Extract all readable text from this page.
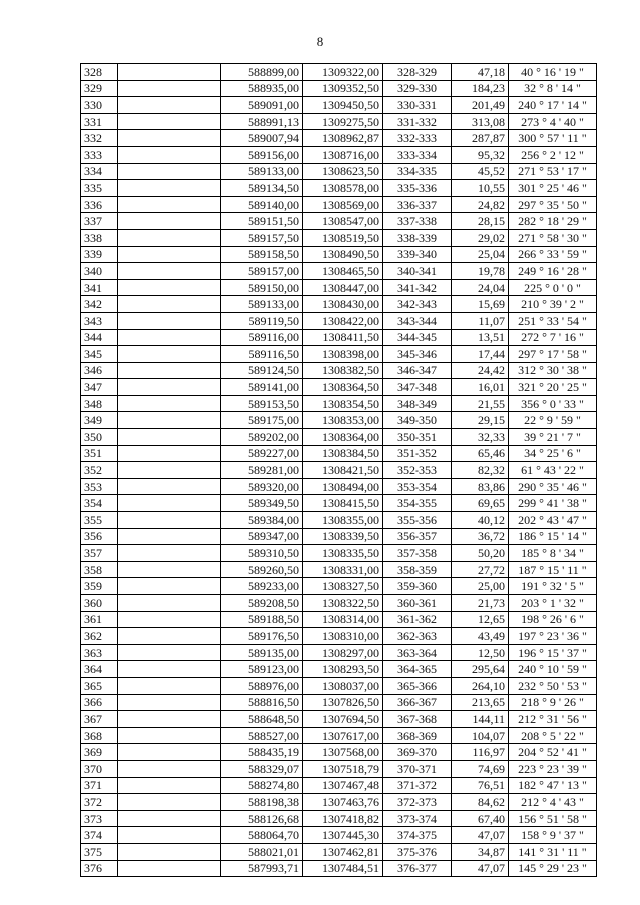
8
328		588899,00	1309322,00	328-329	47,18	40 ° 16 ' 19 "
329		588935,00	1309352,50	329-330	184,23	32 ° 8 ' 14 "
330		589091,00	1309450,50	330-331	201,49	240 ° 17 ' 14 "
331		588991,13	1309275,50	331-332	313,08	273 ° 4 ' 40 "
332		589007,94	1308962,87	332-333	287,87	300 ° 57 ' 11 "
333		589156,00	1308716,00	333-334	95,32	256 ° 2 ' 12 "
334		589133,00	1308623,50	334-335	45,52	271 ° 53 ' 17 "
335		589134,50	1308578,00	335-336	10,55	301 ° 25 ' 46 "
336		589140,00	1308569,00	336-337	24,82	297 ° 35 ' 50 "
337		589151,50	1308547,00	337-338	28,15	282 ° 18 ' 29 "
338		589157,50	1308519,50	338-339	29,02	271 ° 58 ' 30 "
339		589158,50	1308490,50	339-340	25,04	266 ° 33 ' 59 "
340		589157,00	1308465,50	340-341	19,78	249 ° 16 ' 28 "
341		589150,00	1308447,00	341-342	24,04	225 ° 0 ' 0 "
342		589133,00	1308430,00	342-343	15,69	210 ° 39 ' 2 "
343		589119,50	1308422,00	343-344	11,07	251 ° 33 ' 54 "
344		589116,00	1308411,50	344-345	13,51	272 ° 7 ' 16 "
345		589116,50	1308398,00	345-346	17,44	297 ° 17 ' 58 "
346		589124,50	1308382,50	346-347	24,42	312 ° 30 ' 38 "
347		589141,00	1308364,50	347-348	16,01	321 ° 20 ' 25 "
348		589153,50	1308354,50	348-349	21,55	356 ° 0 ' 33 "
349		589175,00	1308353,00	349-350	29,15	22 ° 9 ' 59 "
350		589202,00	1308364,00	350-351	32,33	39 ° 21 ' 7 "
351		589227,00	1308384,50	351-352	65,46	34 ° 25 ' 6 "
352		589281,00	1308421,50	352-353	82,32	61 ° 43 ' 22 "
353		589320,00	1308494,00	353-354	83,86	290 ° 35 ' 46 "
354		589349,50	1308415,50	354-355	69,65	299 ° 41 ' 38 "
355		589384,00	1308355,00	355-356	40,12	202 ° 43 ' 47 "
356		589347,00	1308339,50	356-357	36,72	186 ° 15 ' 14 "
357		589310,50	1308335,50	357-358	50,20	185 ° 8 ' 34 "
358		589260,50	1308331,00	358-359	27,72	187 ° 15 ' 11 "
359		589233,00	1308327,50	359-360	25,00	191 ° 32 ' 5 "
360		589208,50	1308322,50	360-361	21,73	203 ° 1 ' 32 "
361		589188,50	1308314,00	361-362	12,65	198 ° 26 ' 6 "
362		589176,50	1308310,00	362-363	43,49	197 ° 23 ' 36 "
363		589135,00	1308297,00	363-364	12,50	196 ° 15 ' 37 "
364		589123,00	1308293,50	364-365	295,64	240 ° 10 ' 59 "
365		588976,00	1308037,00	365-366	264,10	232 ° 50 ' 53 "
366		588816,50	1307826,50	366-367	213,65	218 ° 9 ' 26 "
367		588648,50	1307694,50	367-368	144,11	212 ° 31 ' 56 "
368		588527,00	1307617,00	368-369	104,07	208 ° 5 ' 22 "
369		588435,19	1307568,00	369-370	116,97	204 ° 52 ' 41 "
370		588329,07	1307518,79	370-371	74,69	223 ° 23 ' 39 "
371		588274,80	1307467,48	371-372	76,51	182 ° 47 ' 13 "
372		588198,38	1307463,76	372-373	84,62	212 ° 4 ' 43 "
373		588126,68	1307418,82	373-374	67,40	156 ° 51 ' 58 "
374		588064,70	1307445,30	374-375	47,07	158 ° 9 ' 37 "
375		588021,01	1307462,81	375-376	34,87	141 ° 31 ' 11 "
376		587993,71	1307484,51	376-377	47,07	145 ° 29 ' 23 "
